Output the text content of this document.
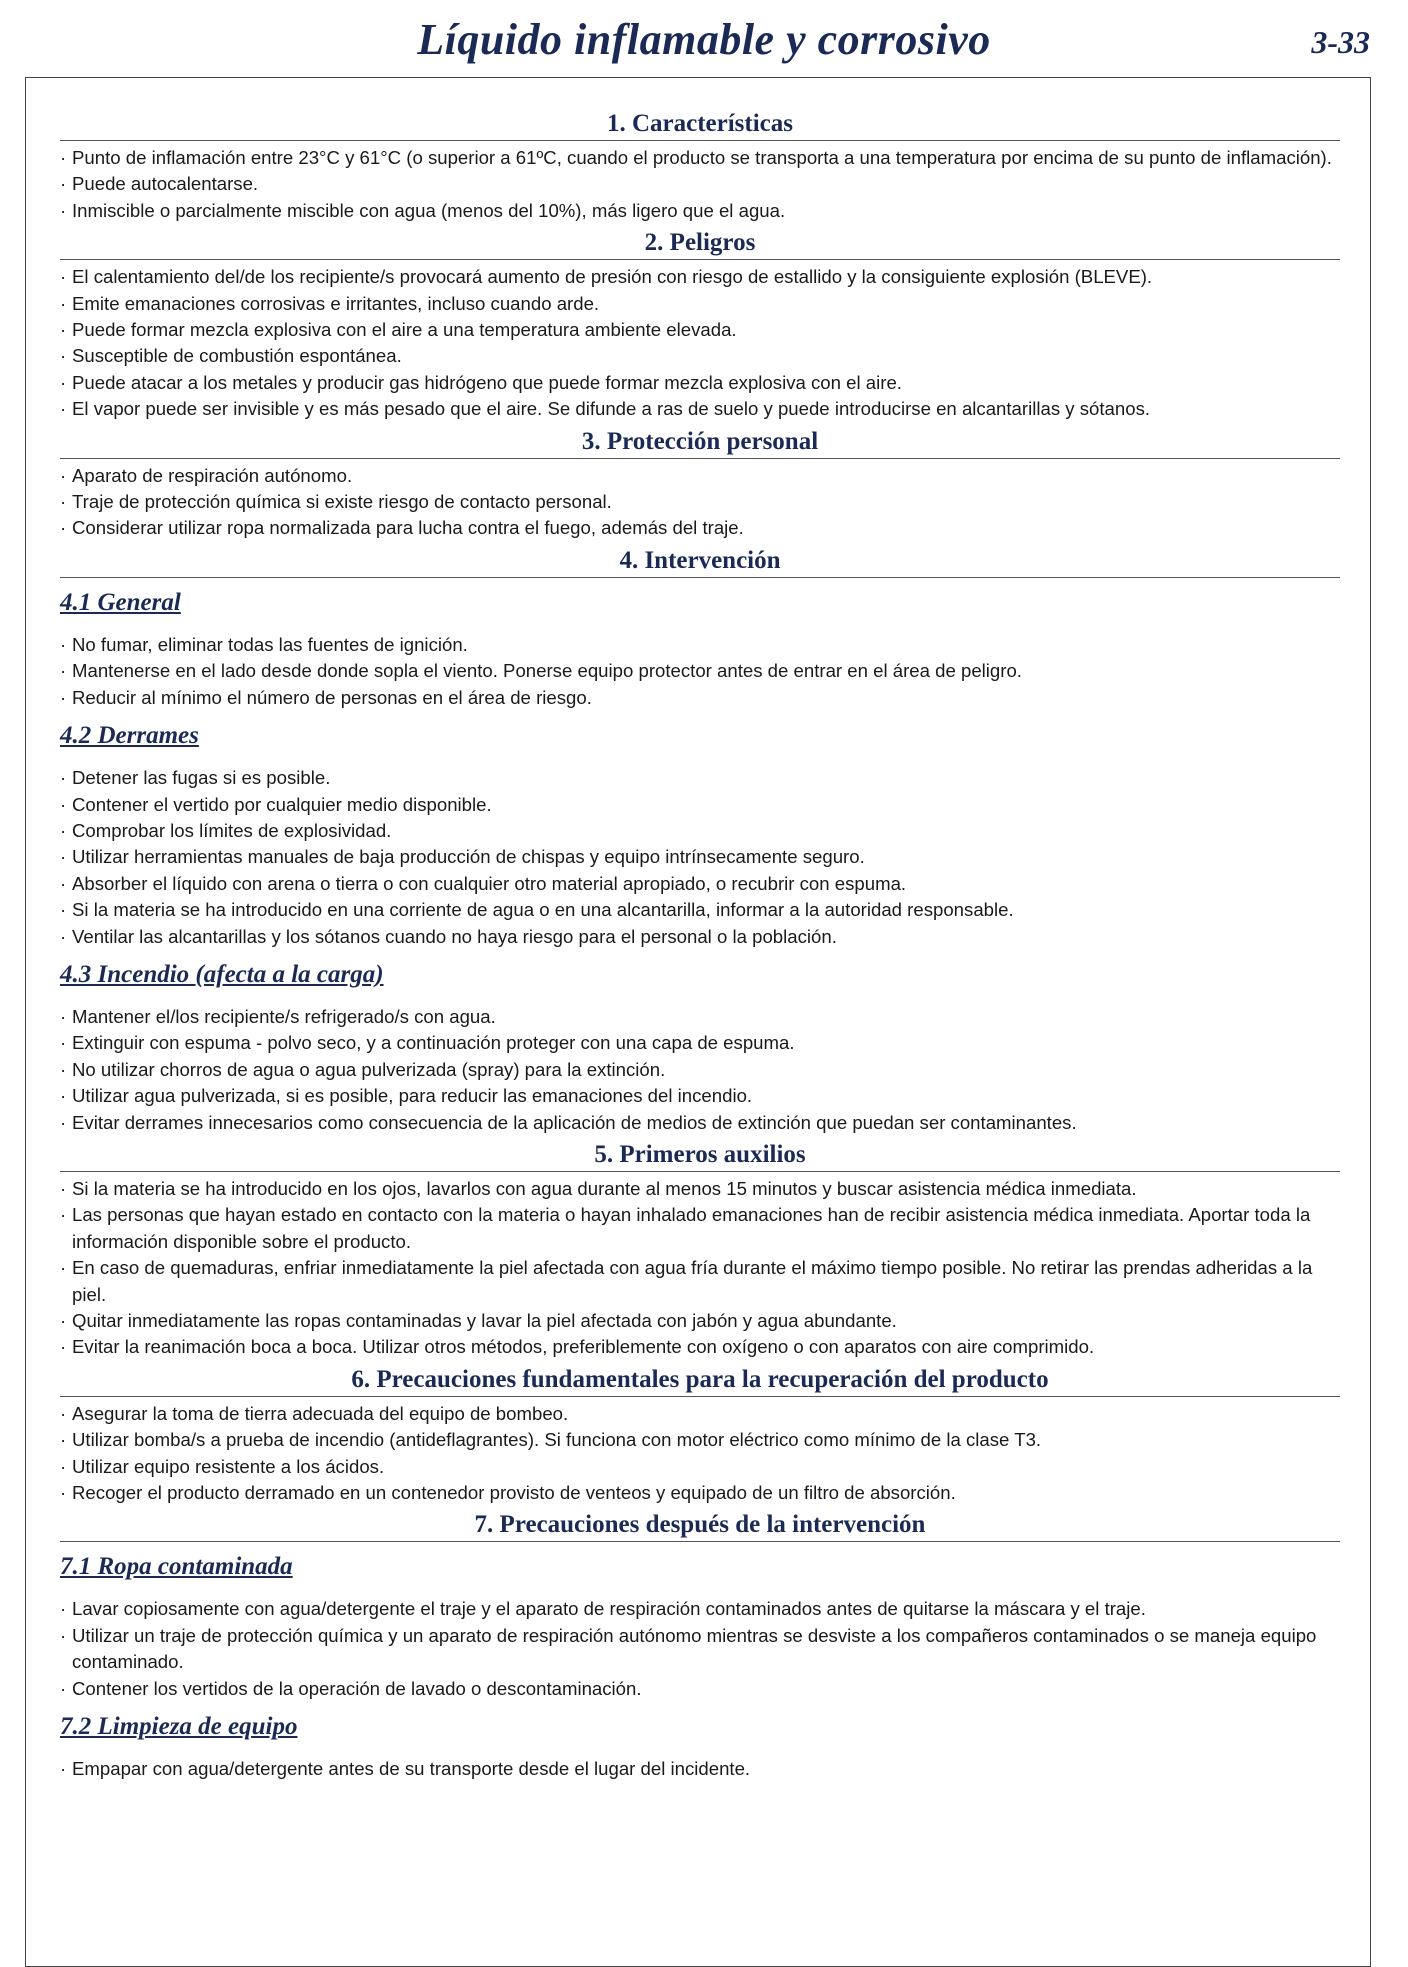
Líquido inflamable y corrosivo	3-33
1. Características
· Punto de inflamación entre 23°C y 61°C (o superior a 61ºC, cuando el producto se transporta a una temperatura por encima de su punto de inflamación).
· Puede autocalentarse.
· Inmiscible o parcialmente miscible con agua (menos del 10%), más ligero que el agua.
2. Peligros
· El calentamiento del/de los recipiente/s provocará aumento de presión con riesgo de estallido y la consiguiente explosión (BLEVE).
· Emite emanaciones corrosivas e irritantes, incluso cuando arde.
· Puede formar mezcla explosiva con el aire a una temperatura ambiente elevada.
· Susceptible de combustión espontánea.
· Puede atacar a los metales y producir gas hidrógeno que puede formar mezcla explosiva con el aire.
· El vapor puede ser invisible y es más pesado que el aire. Se difunde a ras de suelo y puede introducirse en alcantarillas y sótanos.
3. Protección personal
· Aparato de respiración autónomo.
· Traje de protección química si existe riesgo de contacto personal.
· Considerar utilizar ropa normalizada para lucha contra el fuego, además del traje.
4. Intervención
4.1 General
· No fumar, eliminar todas las fuentes de ignición.
· Mantenerse en el lado desde donde sopla el viento. Ponerse equipo protector antes de entrar en el área de peligro.
· Reducir al mínimo el número de personas en el área de riesgo.
4.2 Derrames
· Detener las fugas si es posible.
· Contener el vertido por cualquier medio disponible.
· Comprobar los límites de explosividad.
· Utilizar herramientas manuales de baja producción de chispas y equipo intrínsecamente seguro.
· Absorber el líquido con arena o tierra o con cualquier otro material apropiado, o recubrir con espuma.
· Si la materia se ha introducido en una corriente de agua o en una alcantarilla, informar a la autoridad responsable.
· Ventilar las alcantarillas y los sótanos cuando no haya riesgo para el personal o la población.
4.3 Incendio (afecta a la carga)
· Mantener el/los recipiente/s refrigerado/s con agua.
· Extinguir con espuma - polvo seco, y a continuación proteger con una capa de espuma.
· No utilizar chorros de agua o agua pulverizada (spray) para la extinción.
· Utilizar agua pulverizada, si es posible, para reducir las emanaciones del incendio.
· Evitar derrames innecesarios como consecuencia de la aplicación de medios de extinción que puedan ser contaminantes.
5. Primeros auxilios
· Si la materia se ha introducido en los ojos, lavarlos con agua durante al menos 15 minutos y buscar asistencia médica inmediata.
· Las personas que hayan estado en contacto con la materia o hayan inhalado emanaciones han de recibir asistencia médica inmediata. Aportar toda la información disponible sobre el producto.
· En caso de quemaduras, enfriar inmediatamente la piel afectada con agua fría durante el máximo tiempo posible. No retirar las prendas adheridas a la piel.
· Quitar inmediatamente las ropas contaminadas y lavar la piel afectada con jabón y agua abundante.
· Evitar la reanimación boca a boca. Utilizar otros métodos, preferiblemente con oxígeno o con aparatos con aire comprimido.
6. Precauciones fundamentales para la recuperación del producto
· Asegurar la toma de tierra adecuada del equipo de bombeo.
· Utilizar bomba/s a prueba de incendio (antideflagrantes). Si funciona con motor eléctrico como mínimo de la clase T3.
· Utilizar equipo resistente a los ácidos.
· Recoger el producto derramado en un contenedor provisto de venteos y equipado de un filtro de absorción.
7. Precauciones después de la intervención
7.1 Ropa contaminada
· Lavar copiosamente con agua/detergente el traje y el aparato de respiración contaminados antes de quitarse la máscara y el traje.
· Utilizar un traje de protección química y un aparato de respiración autónomo mientras se desviste a los compañeros contaminados o se maneja equipo contaminado.
· Contener los vertidos de la operación de lavado o descontaminación.
7.2 Limpieza de equipo
· Empapar con agua/detergente antes de su transporte desde el lugar del incidente.
